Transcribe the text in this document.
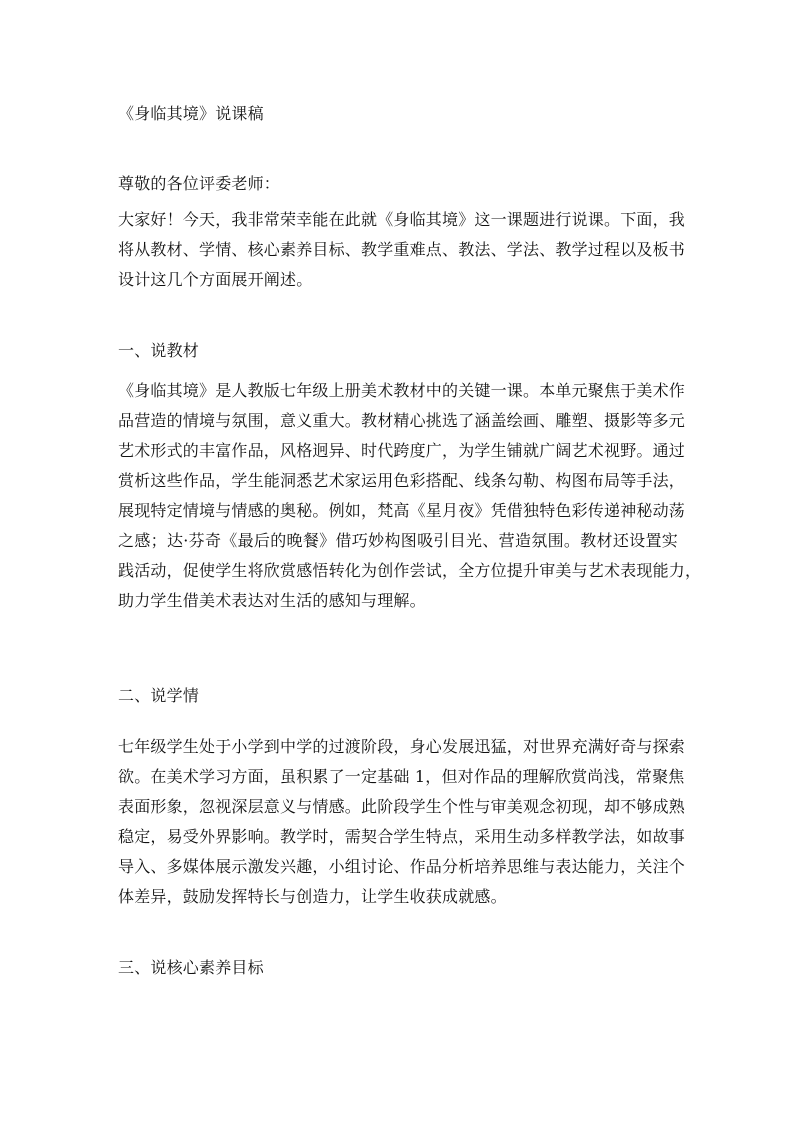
《身临其境》说课稿
尊敬的各位评委老师：
大家好！今天，我非常荣幸能在此就《身临其境》这一课题进行说课。下面，我
将从教材、学情、核心素养目标、教学重难点、教法、学法、教学过程以及板书
设计这几个方面展开阐述。
一、说教材
《身临其境》是人教版七年级上册美术教材中的关键一课。本单元聚焦于美术作
品营造的情境与氛围，意义重大。教材精心挑选了涵盖绘画、雕塑、摄影等多元
艺术形式的丰富作品，风格迥异、时代跨度广，为学生铺就广阔艺术视野。通过
赏析这些作品，学生能洞悉艺术家运用色彩搭配、线条勾勒、构图布局等手法，
展现特定情境与情感的奥秘。例如，梵高《星月夜》凭借独特色彩传递神秘动荡
之感；达·芬奇《最后的晚餐》借巧妙构图吸引目光、营造氛围。教材还设置实
践活动，促使学生将欣赏感悟转化为创作尝试，全方位提升审美与艺术表现能力，
助力学生借美术表达对生活的感知与理解。
二、说学情
七年级学生处于小学到中学的过渡阶段，身心发展迅猛，对世界充满好奇与探索
欲。在美术学习方面，虽积累了一定基础 1，但对作品的理解欣赏尚浅，常聚焦
表面形象，忽视深层意义与情感。此阶段学生个性与审美观念初现，却不够成熟
稳定，易受外界影响。教学时，需契合学生特点，采用生动多样教学法，如故事
导入、多媒体展示激发兴趣，小组讨论、作品分析培养思维与表达能力，关注个
体差异，鼓励发挥特长与创造力，让学生收获成就感。
三、说核心素养目标
